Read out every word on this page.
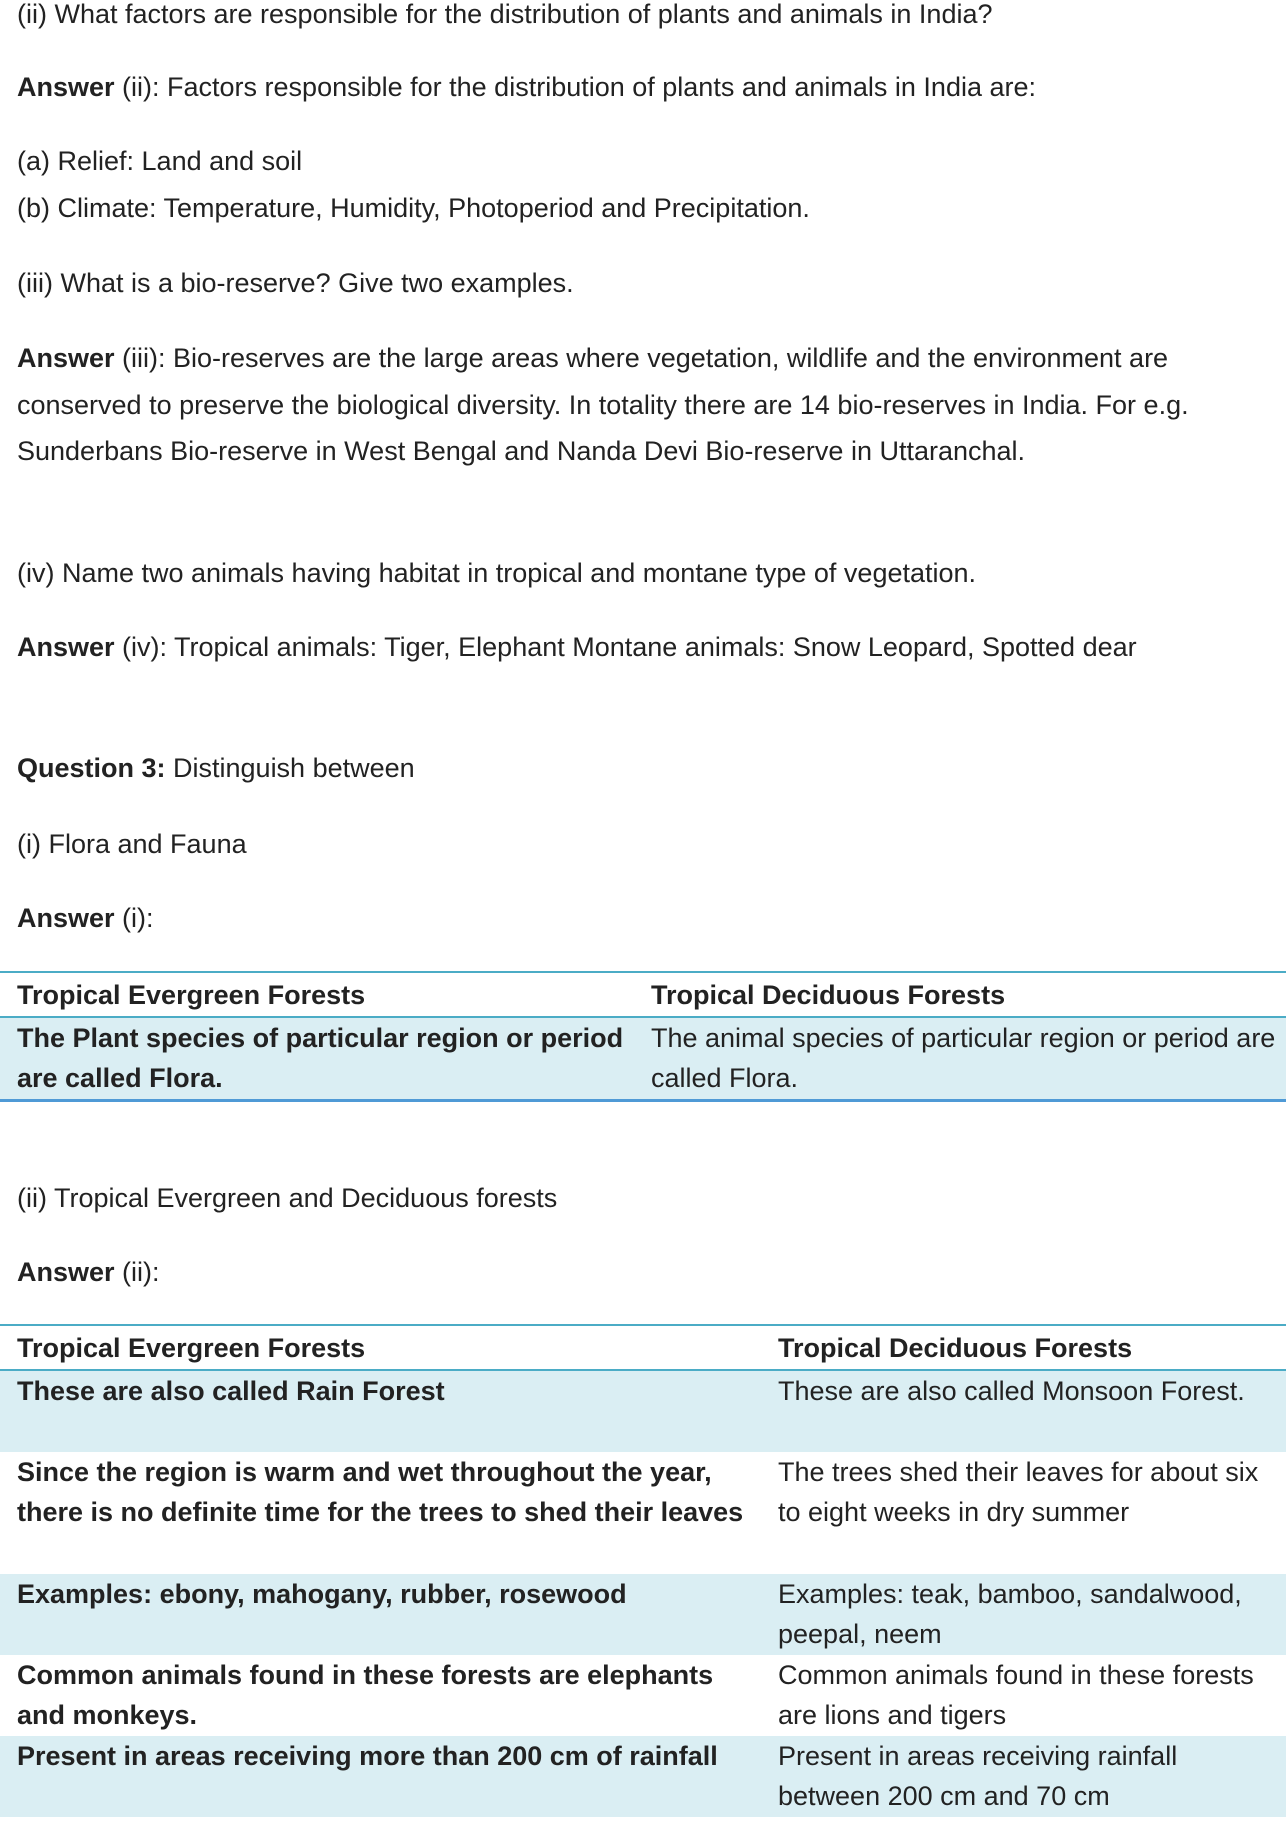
(ii) What factors are responsible for the distribution of plants and animals in India?

Answer (ii): Factors responsible for the distribution of plants and animals in India are:

(a) Relief: Land and soil

(b) Climate: Temperature, Humidity, Photoperiod and Precipitation.

(iii) What is a bio-reserve? Give two examples.

Answer (iii): Bio-reserves are the large areas where vegetation, wildlife and the environment are conserved to preserve the biological diversity. In totality there are 14 bio-reserves in India. For e.g. Sunderbans Bio-reserve in West Bengal and Nanda Devi Bio-reserve in Uttaranchal.

(iv) Name two animals having habitat in tropical and montane type of vegetation.

Answer (iv): Tropical animals: Tiger, Elephant Montane animals: Snow Leopard, Spotted dear

Question 3: Distinguish between

(i) Flora and Fauna

Answer (i):

Tropical Evergreen Forests	Tropical Deciduous Forests
The Plant species of particular region or period are called Flora.	The animal species of particular region or period are called Flora.

(ii) Tropical Evergreen and Deciduous forests

Answer (ii):

Tropical Evergreen Forests	Tropical Deciduous Forests
These are also called Rain Forest	These are also called Monsoon Forest.
Since the region is warm and wet throughout the year, there is no definite time for the trees to shed their leaves	The trees shed their leaves for about six to eight weeks in dry summer
Examples: ebony, mahogany, rubber, rosewood	Examples: teak, bamboo, sandalwood, peepal, neem
Common animals found in these forests are elephants and monkeys.	Common animals found in these forests are lions and tigers
Present in areas receiving more than 200 cm of rainfall	Present in areas receiving rainfall between 200 cm and 70 cm
